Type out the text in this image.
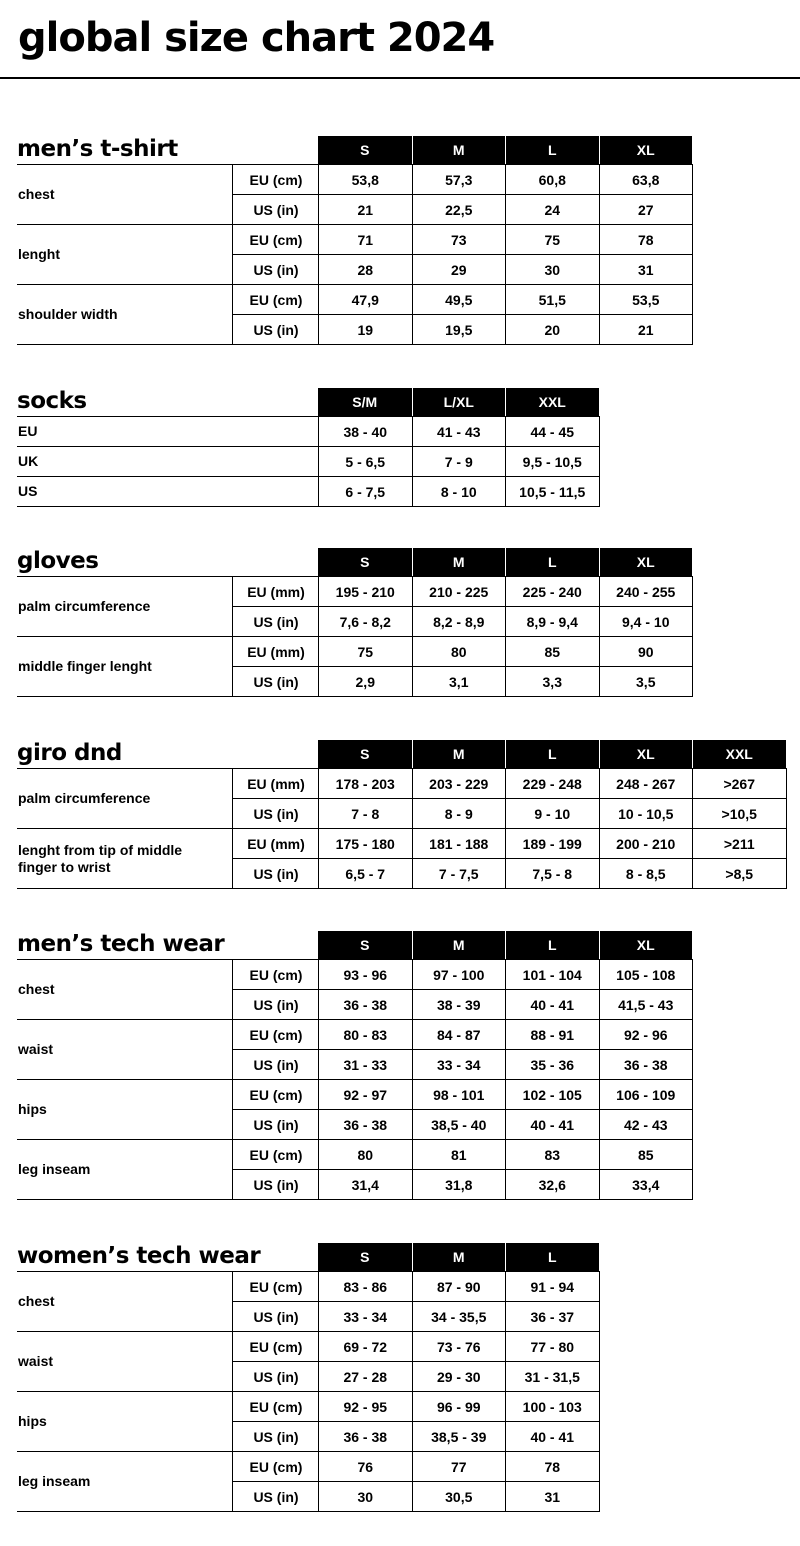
global size chart 2024
men’s t-shirt	S	M	L	XL
chest
EU (cm)	53,8	57,3	60,8	63,8
US (in)	21	22,5	24	27
lenght
EU (cm)	71	73	75	78
US (in)	28	29	30	31
shoulder width
EU (cm)	47,9	49,5	51,5	53,5
US (in)	19	19,5	20	21
socks	S/M	L/XL	XXL
EU	38 - 40	41 - 43	44 - 45
UK	5 - 6,5	7 - 9	9,5 - 10,5
US	6 - 7,5	8 - 10	10,5 - 11,5
gloves	S	M	L	XL
palm circumference
EU (mm)	195 - 210	210 - 225	225 - 240	240 - 255
US (in)	7,6 - 8,2	8,2 - 8,9	8,9 - 9,4	9,4 - 10
middle finger lenght
EU (mm)	75	80	85	90
US (in)	2,9	3,1	3,3	3,5
giro dnd	S	M	L	XL	XXL
palm circumference
EU (mm)	178 - 203	203 - 229	229 - 248	248 - 267	>267
US (in)	7 - 8	8 - 9	9 - 10	10 - 10,5	>10,5
lenght from tip of middle finger to wrist
EU (mm)	175 - 180	181 - 188	189 - 199	200 - 210	>211
US (in)	6,5 - 7	7 - 7,5	7,5 - 8	8 - 8,5	>8,5
men’s tech wear	S	M	L	XL
chest
EU (cm)	93 - 96	97 - 100	101 - 104	105 - 108
US (in)	36 - 38	38 - 39	40 - 41	41,5 - 43
waist
EU (cm)	80 - 83	84 - 87	88 - 91	92 - 96
US (in)	31 - 33	33 - 34	35 - 36	36 - 38
hips
EU (cm)	92 - 97	98 - 101	102 - 105	106 - 109
US (in)	36 - 38	38,5 - 40	40 - 41	42 - 43
leg inseam
EU (cm)	80	81	83	85
US (in)	31,4	31,8	32,6	33,4
women’s tech wear	S	M	L
chest
EU (cm)	83 - 86	87 - 90	91 - 94
US (in)	33 - 34	34 - 35,5	36 - 37
waist
EU (cm)	69 - 72	73 - 76	77 - 80
US (in)	27 - 28	29 - 30	31 - 31,5
hips
EU (cm)	92 - 95	96 - 99	100 - 103
US (in)	36 - 38	38,5 - 39	40 - 41
leg inseam
EU (cm)	76	77	78
US (in)	30	30,5	31
